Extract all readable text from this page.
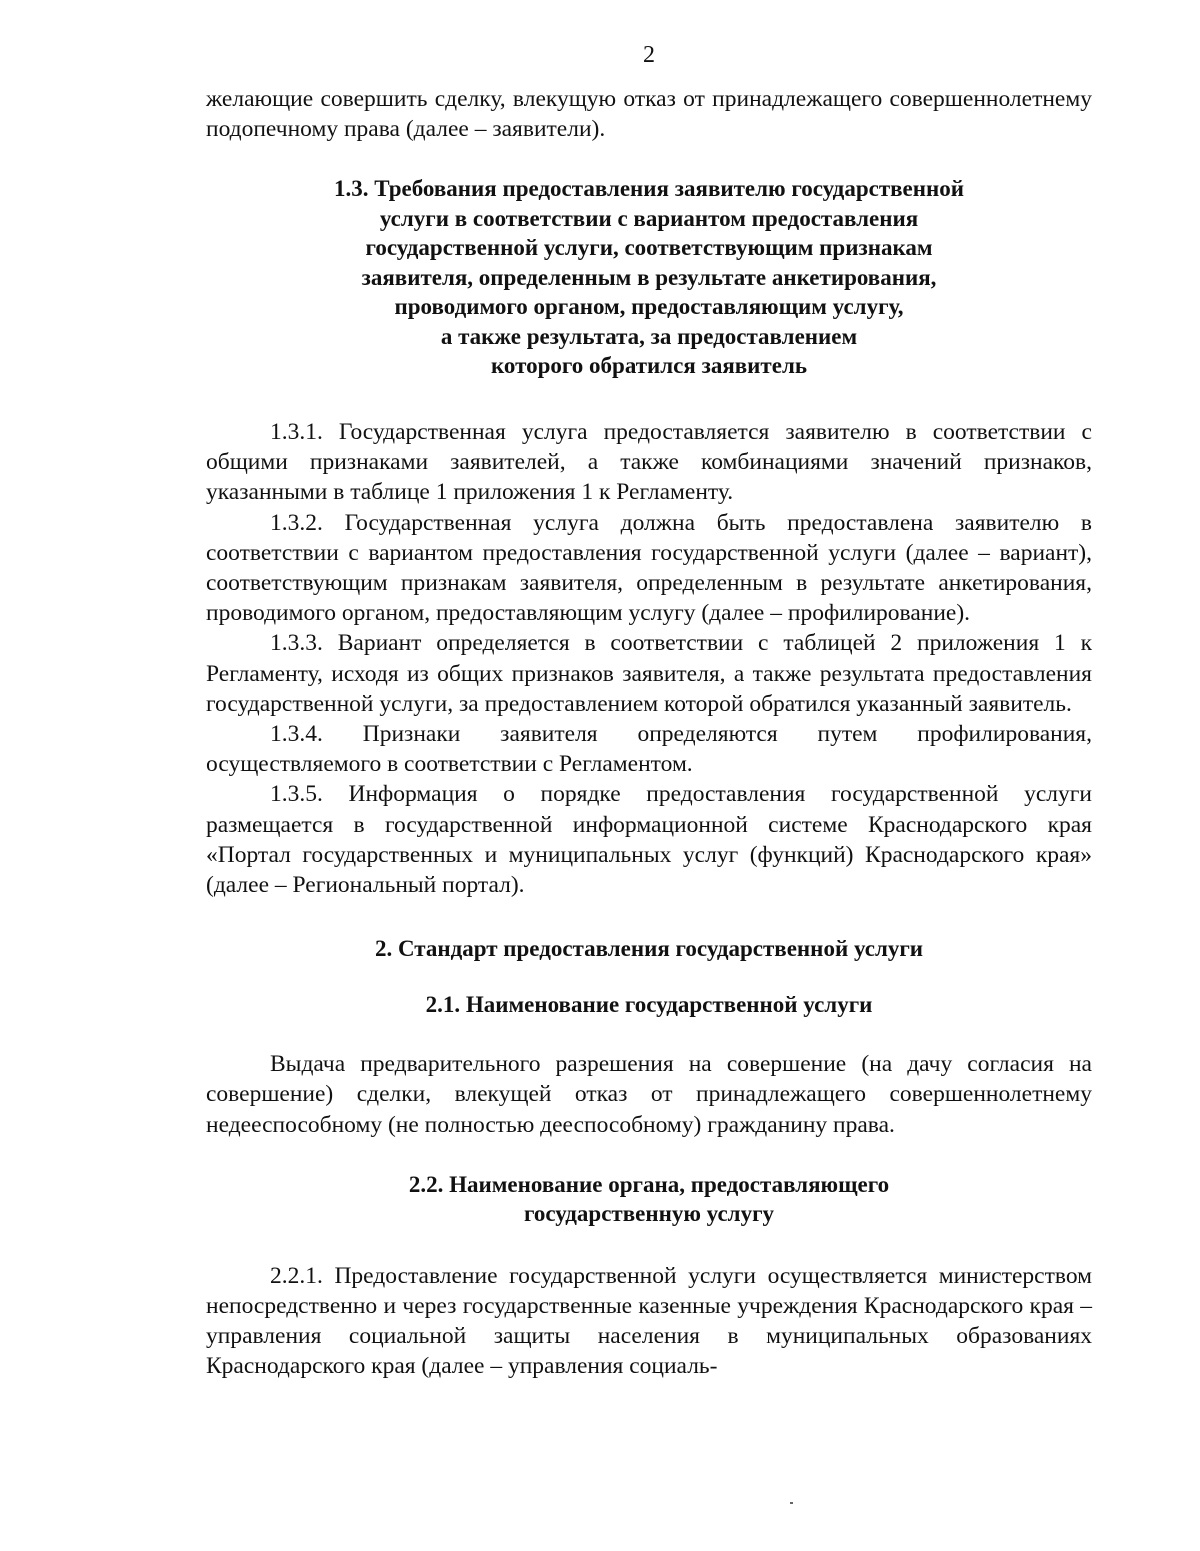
2

желающие совершить сделку, влекущую отказ от принадлежащего совершеннолетнему подопечному права (далее – заявители).

1.3. Требования предоставления заявителю государственной
услуги в соответствии с вариантом предоставления
государственной услуги, соответствующим признакам
заявителя, определенным в результате анкетирования,
проводимого органом, предоставляющим услугу,
а также результата, за предоставлением
которого обратился заявитель

1.3.1. Государственная услуга предоставляется заявителю в соответствии с общими признаками заявителей, а также комбинациями значений признаков, указанными в таблице 1 приложения 1 к Регламенту.

1.3.2. Государственная услуга должна быть предоставлена заявителю в соответствии с вариантом предоставления государственной услуги (далее – вариант), соответствующим признакам заявителя, определенным в результате анкетирования, проводимого органом, предоставляющим услугу (далее – профилирование).

1.3.3. Вариант определяется в соответствии с таблицей 2 приложения 1 к Регламенту, исходя из общих признаков заявителя, а также результата предоставления государственной услуги, за предоставлением которой обратился указанный заявитель.

1.3.4. Признаки заявителя определяются путем профилирования, осуществляемого в соответствии с Регламентом.

1.3.5. Информация о порядке предоставления государственной услуги размещается в государственной информационной системе Краснодарского края «Портал государственных и муниципальных услуг (функций) Краснодарского края» (далее – Региональный портал).

2. Стандарт предоставления государственной услуги
2.1. Наименование государственной услуги

Выдача предварительного разрешения на совершение (на дачу согласия на совершение) сделки, влекущей отказ от принадлежащего совершеннолетнему недееспособному (не полностью дееспособному) гражданину права.

2.2. Наименование органа, предоставляющего
государственную услугу

2.2.1. Предоставление государственной услуги осуществляется министерством непосредственно и через государственные казенные учреждения Краснодарского края – управления социальной защиты населения в муниципальных образованиях Краснодарского края (далее – управления социаль-
